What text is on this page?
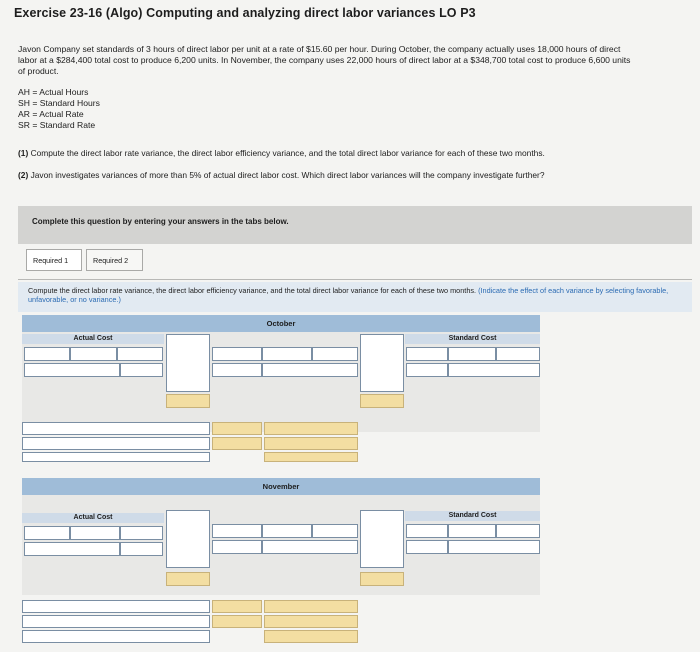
Exercise 23-16 (Algo) Computing and analyzing direct labor variances LO P3
Javon Company set standards of 3 hours of direct labor per unit at a rate of $15.60 per hour. During October, the company actually uses 18,000 hours of direct labor at a $284,400 total cost to produce 6,200 units. In November, the company uses 22,000 hours of direct labor at a $348,700 total cost to produce 6,600 units of product.
AH = Actual Hours
SH = Standard Hours
AR = Actual Rate
SR = Standard Rate
(1) Compute the direct labor rate variance, the direct labor efficiency variance, and the total direct labor variance for each of these two months.
(2) Javon investigates variances of more than 5% of actual direct labor cost. Which direct labor variances will the company investigate further?
Complete this question by entering your answers in the tabs below.
Required 1	Required 2
Compute the direct labor rate variance, the direct labor efficiency variance, and the total direct labor variance for each of these two months. (Indicate the effect of each variance by selecting favorable, unfavorable, or no variance.)
October
Actual Cost	Standard Cost
November
Actual Cost	Standard Cost
